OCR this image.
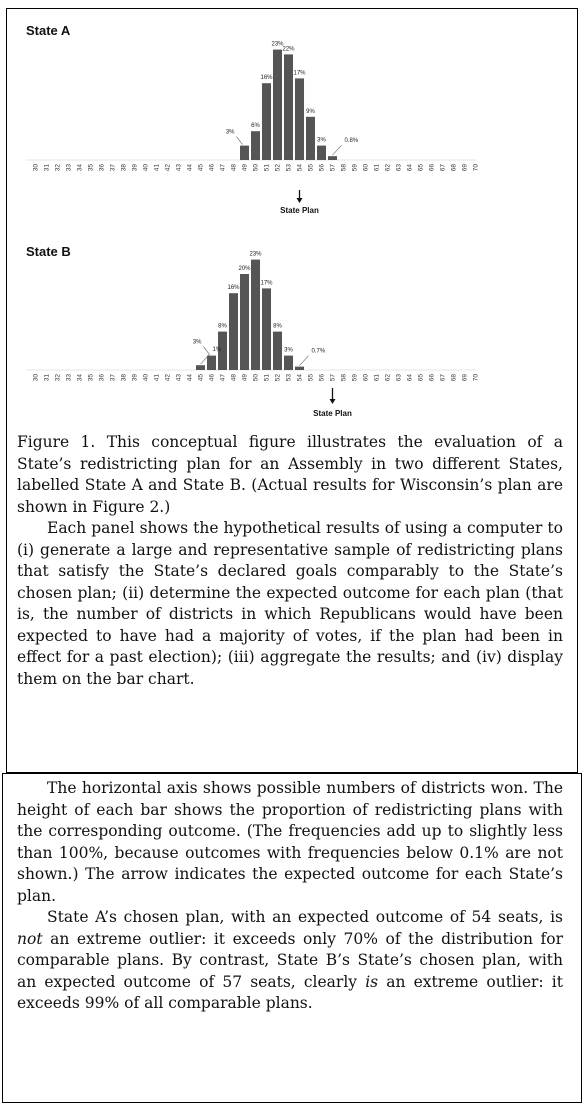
State A
State B
30 31 32 33 34 35 36 37 38 39 40 41 42 43 44 45 46 47 48 49 50 51 52 53 54 55 56 57 58 59 60 61 62 63 64 65 66 67 68 69 70
3%
6%
16%
23%
22%
17%
9%
3%	0.8%
State Plan
30 31 32 33 34 35 36 37 38 39 40 41 42 43 44 45 46 47 48 49 50 51 52 53 54 55 56 57 58 59 60 61 62 63 64 65 66 67 68 69 70
1%
3%
8%
16%
20%
23%
17%
8%
3%	0.7%
State Plan

Figure 1. This conceptual figure illustrates the evaluation of a State’s redistricting plan for an Assembly in two different States, labelled State A and State B. (Actual results for Wisconsin’s plan are shown in Figure 2.)

Each panel shows the hypothetical results of using a computer to (i) generate a large and representative sample of redistricting plans that satisfy the State’s declared goals comparably to the State’s chosen plan; (ii) determine the expected outcome for each plan (that is, the number of districts in which Republicans would have been expected to have had a majority of votes, if the plan had been in effect for a past election); (iii) aggregate the results; and (iv) display them on the bar chart.

The horizontal axis shows possible numbers of districts won. The height of each bar shows the proportion of redistricting plans with the corresponding outcome. (The frequencies add up to slightly less than 100%, because outcomes with frequencies below 0.1% are not shown.) The arrow indicates the expected outcome for each State’s plan.

State A’s chosen plan, with an expected outcome of 54 seats, is not an extreme outlier: it exceeds only 70% of the distribution for comparable plans. By contrast, State B’s State’s chosen plan, with an expected outcome of 57 seats, clearly is an extreme outlier: it exceeds 99% of all comparable plans.
